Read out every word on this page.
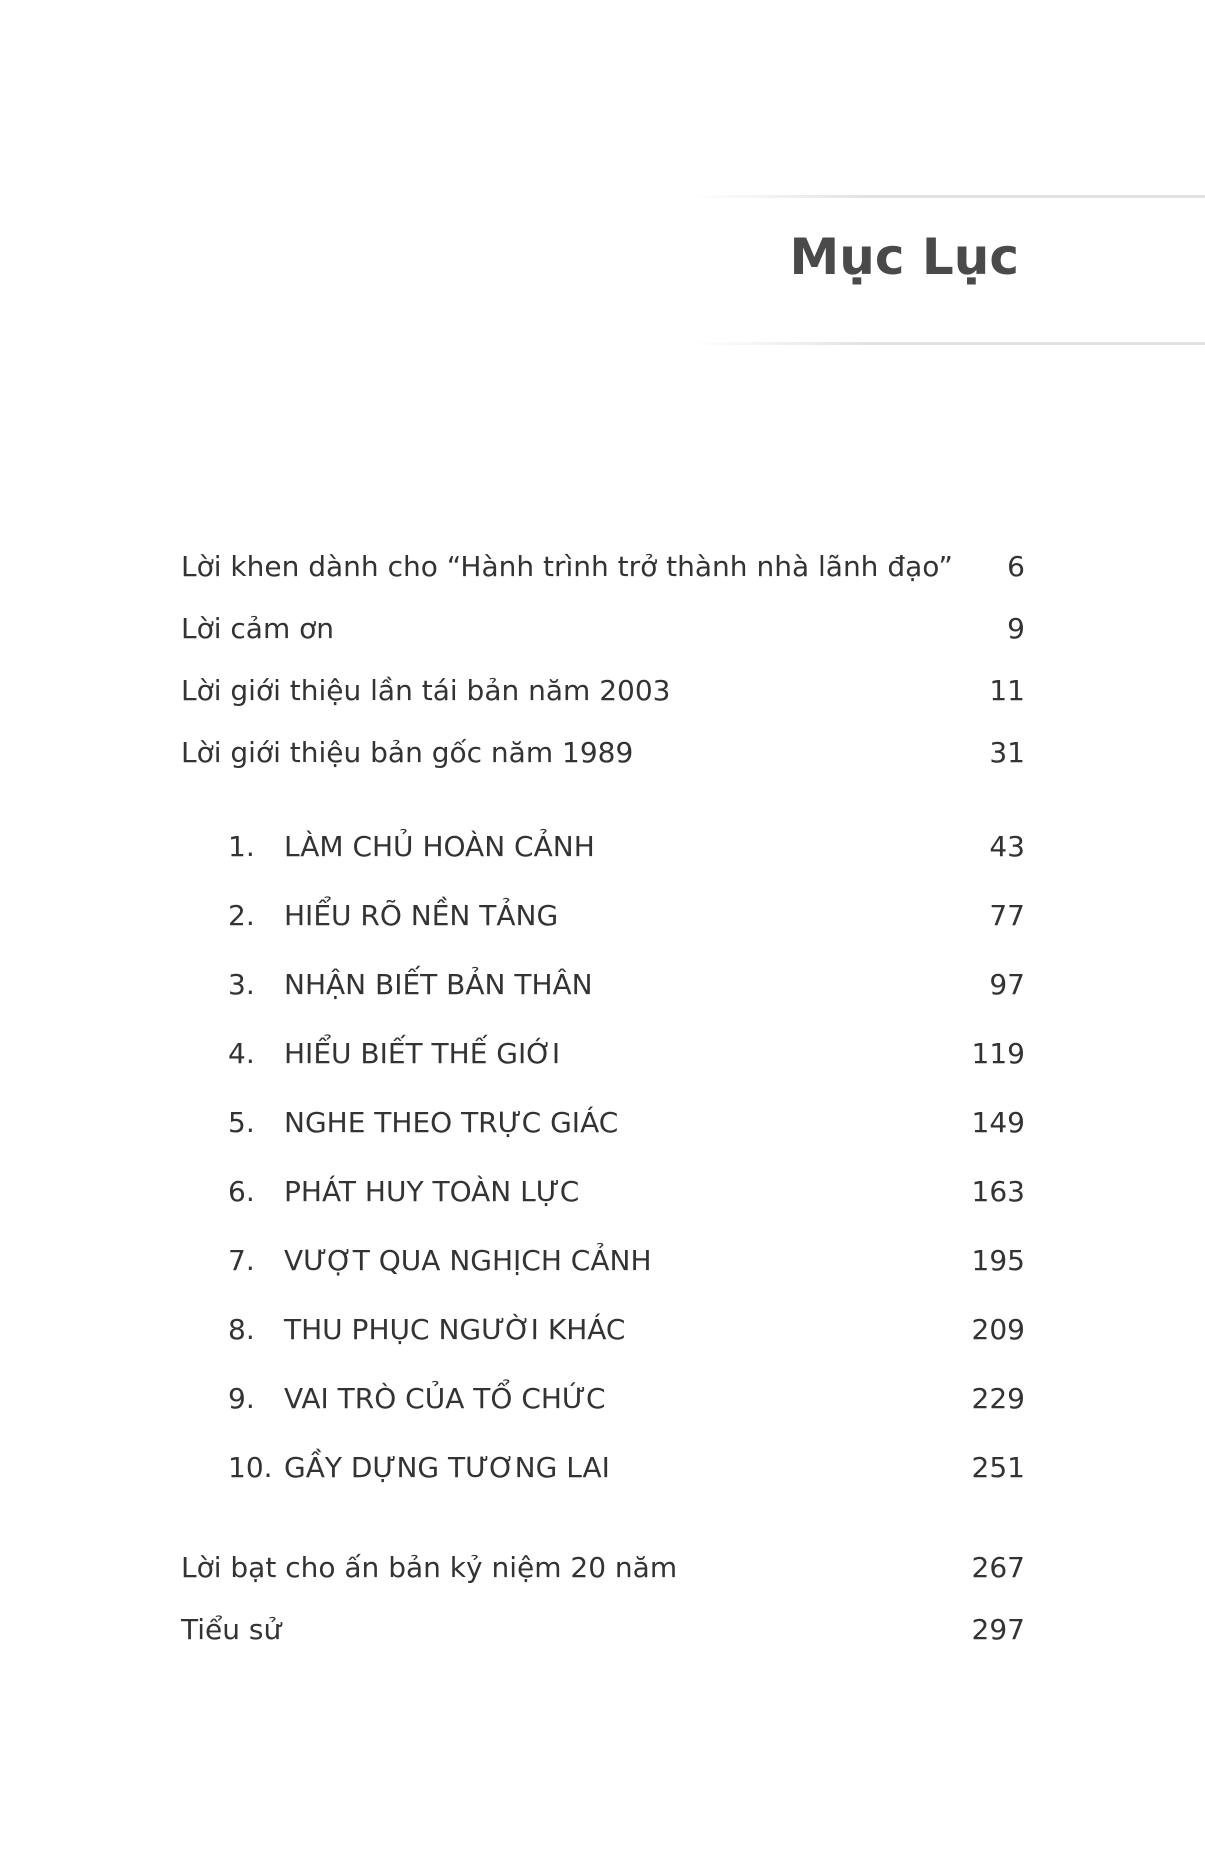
Mục Lục
Lời khen dành cho “Hành trình trở thành nhà lãnh đạo” 6
Lời cảm ơn	9
Lời giới thiệu lần tái bản năm 2003	11
Lời giới thiệu bản gốc năm 1989	31
1. LÀM CHỦ HOÀN CẢNH	43
2. HIỂU RÕ NỀN TẢNG	77
3. NHẬN BIẾT BẢN THÂN	97
4. HIỂU BIẾT THẾ GIỚI	119
5. NGHE THEO TRỰC GIÁC	149
6. PHÁT HUY TOÀN LỰC	163
7. VƯỢT QUA NGHỊCH CẢNH	195
8. THU PHỤC NGƯỜI KHÁC	209
9. VAI TRÒ CỦA TỔ CHỨC	229
10. GẦY DỰNG TƯƠNG LAI	251
Lời bạt cho ấn bản kỷ niệm 20 năm	267
Tiểu sử	297
